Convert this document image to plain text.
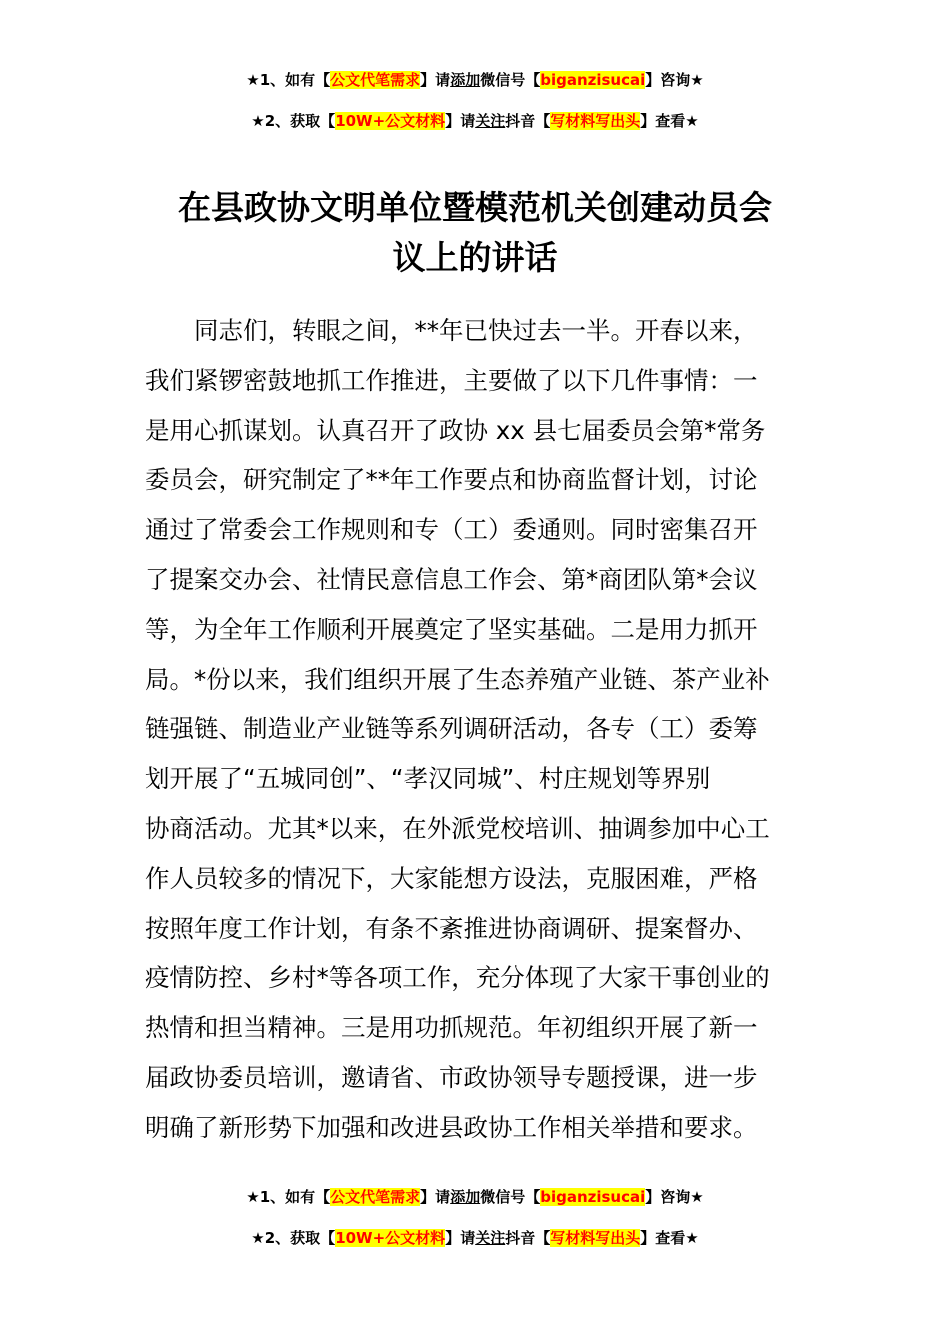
★1、如有【公文代笔需求】请添加微信号【biganzisucai】咨询★
★2、获取【10W+公文材料】请关注抖音【写材料写出头】查看★
在县政协文明单位暨模范机关创建动员会
议上的讲话
同志们，转眼之间，**年已快过去一半。开春以来，
我们紧锣密鼓地抓工作推进，主要做了以下几件事情：一
是用心抓谋划。认真召开了政协 xx 县七届委员会第*常务
委员会，研究制定了**年工作要点和协商监督计划，讨论
通过了常委会工作规则和专（工）委通则。同时密集召开
了提案交办会、社情民意信息工作会、第*商团队第*会议
等，为全年工作顺利开展奠定了坚实基础。二是用力抓开
局。*份以来，我们组织开展了生态养殖产业链、茶产业补
链强链、制造业产业链等系列调研活动，各专（工）委筹
划开展了“五城同创”、“孝汉同城”、村庄规划等界别
协商活动。尤其*以来，在外派党校培训、抽调参加中心工
作人员较多的情况下，大家能想方设法，克服困难，严格
按照年度工作计划，有条不紊推进协商调研、提案督办、
疫情防控、乡村*等各项工作，充分体现了大家干事创业的
热情和担当精神。三是用功抓规范。年初组织开展了新一
届政协委员培训，邀请省、市政协领导专题授课，进一步
明确了新形势下加强和改进县政协工作相关举措和要求。
★1、如有【公文代笔需求】请添加微信号【biganzisucai】咨询★
★2、获取【10W+公文材料】请关注抖音【写材料写出头】查看★
